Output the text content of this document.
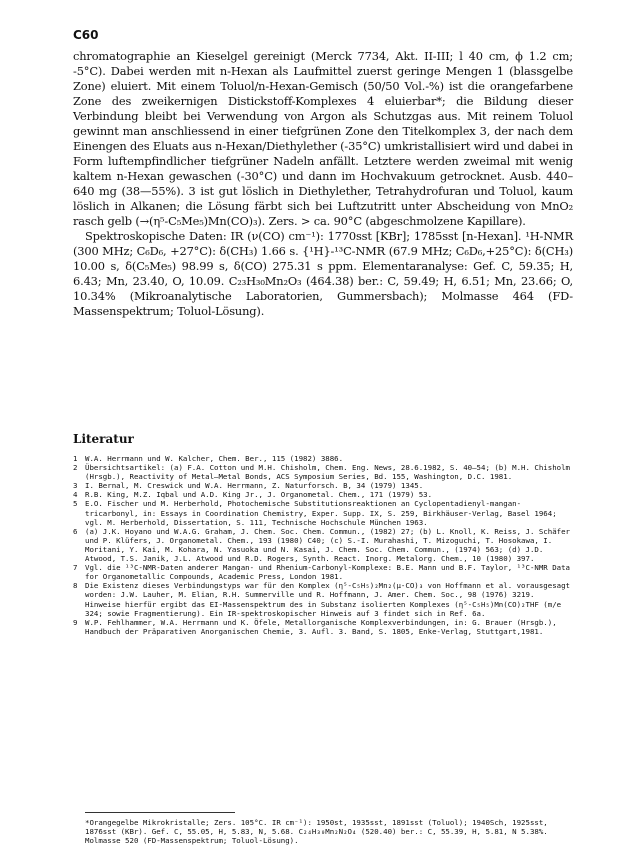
C60

chromatographie an Kieselgel gereinigt (Merck 7734, Akt. II-III; l 40 cm, ϕ 1.2 cm; -5°C). Dabei werden mit n-Hexan als Laufmittel zuerst geringe Mengen 1 (blassgelbe Zone) eluiert. Mit einem Toluol/n-Hexan-Gemisch (50/50 Vol.-%) ist die orangefarbene Zone des zweikernigen Distickstoff-Komplexes 4 eluierbar*; die Bildung dieser Verbindung bleibt bei Verwendung von Argon als Schutzgas aus. Mit reinem Toluol gewinnt man anschliessend in einer tiefgrünen Zone den Titelkomplex 3, der nach dem Einengen des Eluats aus n-Hexan/Diethylether (-35°C) umkristallisiert wird und dabei in Form luftempfindlicher tiefgrüner Nadeln anfällt. Letztere werden zweimal mit wenig kaltem n-Hexan gewaschen (-30°C) und dann im Hochvakuum getrocknet. Ausb. 440–640 mg (38—55%). 3 ist gut löslich in Diethylether, Tetrahydrofuran und Toluol, kaum löslich in Alkanen; die Lösung färbt sich bei Luftzutritt unter Abscheidung von MnO₂ rasch gelb (→(η⁵-C₅Me₅)Mn(CO)₃). Zers. > ca. 90°C (abgeschmolzene Kapillare).

Spektroskopische Daten: IR (ν(CO) cm⁻¹): 1770sst [KBr]; 1785sst [n-Hexan]. ¹H-NMR (300 MHz; C₆D₆, +27°C): δ(CH₃) 1.66 s. {¹H}-¹³C-NMR (67.9 MHz; C₆D₆,+25°C): δ(CH₃) 10.00 s, δ(C₅Me₅) 98.99 s, δ(CO) 275.31 s ppm. Elementaranalyse: Gef. C, 59.35; H, 6.43; Mn, 23.40, O, 10.09. C₂₃H₃₀Mn₂O₃ (464.38) ber.: C, 59.49; H, 6.51; Mn, 23.66; O, 10.34% (Mikroanalytische Laboratorien, Gummersbach); Molmasse 464 (FD-Massenspektrum; Toluol-Lösung).

Literatur
1 W.A. Herrmann und W. Kalcher, Chem. Ber., 115 (1982) 3886.
2 Übersichtsartikel: (a) F.A. Cotton und M.H. Chisholm, Chem. Eng. News, 28.6.1982, S. 40–54; (b) M.H. Chisholm (Hrsgb.), Reactivity of Metal—Metal Bonds, ACS Symposium Series, Bd. 155, Washington, D.C. 1981.
3 I. Bernal, M. Creswick und W.A. Herrmann, Z. Naturforsch. B, 34 (1979) 1345.
4 R.B. King, M.Z. Iqbal und A.D. King Jr., J. Organometal. Chem., 171 (1979) 53.
5 E.O. Fischer und M. Herberhold, Photochemische Substitutionsreaktionen an Cyclopentadienyl-mangan-tricarbonyl, in: Essays in Coordination Chemistry, Exper. Supp. IX, S. 259, Birkhäuser-Verlag, Basel 1964; vgl. M. Herberhold, Dissertation, S. 111, Technische Hochschule München 1963.
6 (a) J.K. Hoyano und W.A.G. Graham, J. Chem. Soc. Chem. Commun., (1982) 27; (b) L. Knoll, K. Reiss, J. Schäfer und P. Klüfers, J. Organometal. Chem., 193 (1980) C40; (c) S.-I. Murahashi, T. Mizoguchi, T. Hosokawa, I. Moritani, Y. Kai, M. Kohara, N. Yasuoka und N. Kasai, J. Chem. Soc. Chem. Commun., (1974) 563; (d) J.D. Atwood, T.S. Janik, J.L. Atwood und R.D. Rogers, Synth. React. Inorg. Metalorg. Chem., 10 (1980) 397.
7 Vgl. die ¹³C-NMR-Daten anderer Mangan- und Rhenium-Carbonyl-Komplexe: B.E. Mann und B.F. Taylor, ¹³C-NMR Data for Organometallic Compounds, Academic Press, London 1981.
8 Die Existenz dieses Verbindungstyps war für den Komplex (η⁵-C₅H₅)₂Mn₂(μ-CO)₃ von Hoffmann et al. vorausgesagt worden: J.W. Lauher, M. Elian, R.H. Summerville und R. Hoffmann, J. Amer. Chem. Soc., 98 (1976) 3219. Hinweise hierfür ergibt das EI-Massenspektrum des in Substanz isolierten Komplexes (η⁵-C₅H₅)Mn(CO)₂THF (m/e 324; sowie Fragmentierung). Ein IR-spektroskopischer Hinweis auf 3 findet sich in Ref. 6a.
9 W.P. Fehlhammer, W.A. Herrmann und K. Öfele, Metallorganische Komplexverbindungen, in: G. Brauer (Hrsgb.), Handbuch der Präparativen Anorganischen Chemie, 3. Aufl. 3. Band, S. 1805, Enke-Verlag, Stuttgart,1981.
*Orangegelbe Mikrokristalle; Zers. 105°C. IR cm⁻¹): 1950st, 1935sst, 1891sst (Toluol); 1940Sch, 1925sst, 1876sst (KBr). Gef. C, 55.05, H, 5.83, N, 5.68. C₂₄H₃₀Mn₂N₂O₄ (520.40) ber.: C, 55.39, H, 5.81, N 5.38%. Molmasse 520 (FD-Massenspektrum; Toluol-Lösung).
